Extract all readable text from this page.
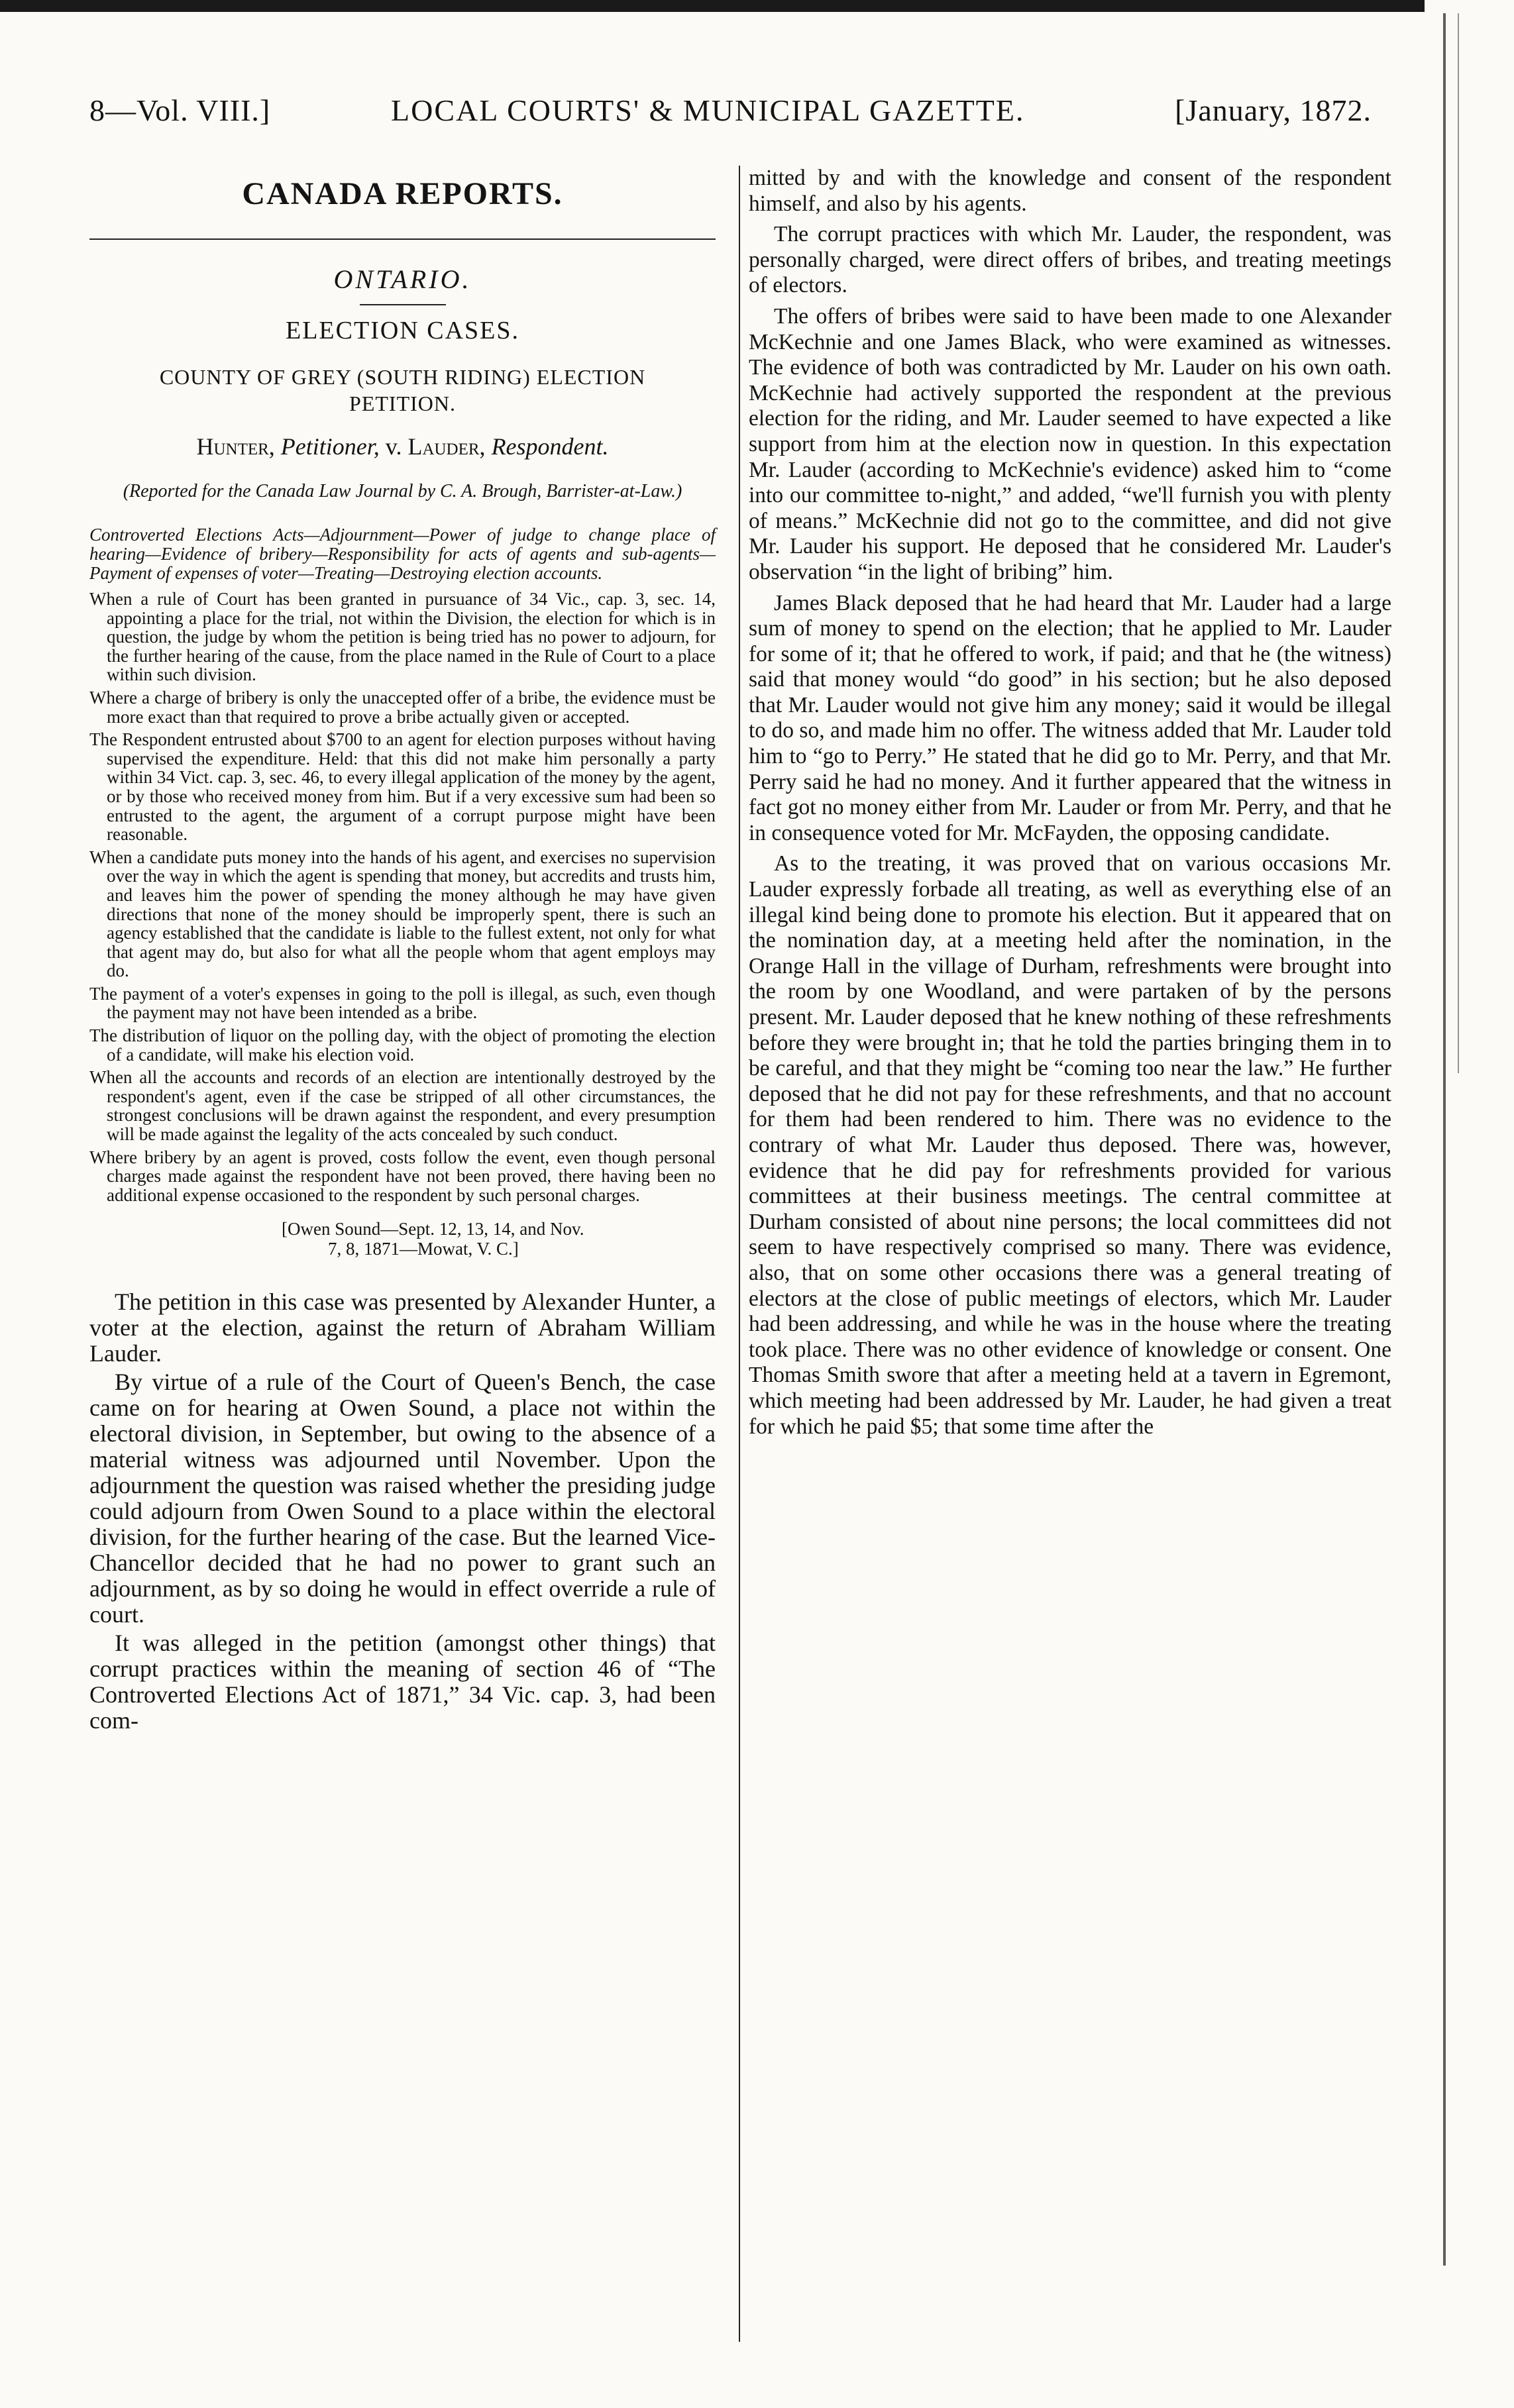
8—Vol. VIII.]	LOCAL COURTS' & MUNICIPAL GAZETTE.	[January, 1872.
CANADA REPORTS.
ONTARIO.
ELECTION CASES.
COUNTY OF GREY (SOUTH RIDING) ELECTION PETITION.
Hunter, Petitioner, v. Lauder, Respondent.
(Reported for the Canada Law Journal by C. A. Brough, Barrister-at-Law.)
Controverted Elections Acts—Adjournment—Power of judge to change place of hearing—Evidence of bribery—Responsibility for acts of agents and sub-agents—Payment of expenses of voter—Treating—Destroying election accounts.

When a rule of Court has been granted in pursuance of 34 Vic., cap. 3, sec. 14, appointing a place for the trial, not within the Division, the election for which is in question, the judge by whom the petition is being tried has no power to adjourn, for the further hearing of the cause, from the place named in the Rule of Court to a place within such division.

Where a charge of bribery is only the unaccepted offer of a bribe, the evidence must be more exact than that required to prove a bribe actually given or accepted.

The Respondent entrusted about $700 to an agent for election purposes without having supervised the expenditure. Held: that this did not make him personally a party within 34 Vict. cap. 3, sec. 46, to every illegal application of the money by the agent, or by those who received money from him. But if a very excessive sum had been so entrusted to the agent, the argument of a corrupt purpose might have been reasonable.

When a candidate puts money into the hands of his agent, and exercises no supervision over the way in which the agent is spending that money, but accredits and trusts him, and leaves him the power of spending the money although he may have given directions that none of the money should be improperly spent, there is such an agency established that the candidate is liable to the fullest extent, not only for what that agent may do, but also for what all the people whom that agent employs may do.

The payment of a voter's expenses in going to the poll is illegal, as such, even though the payment may not have been intended as a bribe.

The distribution of liquor on the polling day, with the object of promoting the election of a candidate, will make his election void.

When all the accounts and records of an election are intentionally destroyed by the respondent's agent, even if the case be stripped of all other circumstances, the strongest conclusions will be drawn against the respondent, and every presumption will be made against the legality of the acts concealed by such conduct.

Where bribery by an agent is proved, costs follow the event, even though personal charges made against the respondent have not been proved, there having been no additional expense occasioned to the respondent by such personal charges.

[Owen Sound—Sept. 12, 13, 14, and Nov.
7, 8, 1871—Mowat, V. C.]

The petition in this case was presented by Alexander Hunter, a voter at the election, against the return of Abraham William Lauder.

By virtue of a rule of the Court of Queen's Bench, the case came on for hearing at Owen Sound, a place not within the electoral division, in September, but owing to the absence of a material witness was adjourned until November. Upon the adjournment the question was raised whether the presiding judge could adjourn from Owen Sound to a place within the electoral division, for the further hearing of the case. But the learned Vice-Chancellor decided that he had no power to grant such an adjournment, as by so doing he would in effect override a rule of court.

It was alleged in the petition (amongst other things) that corrupt practices within the meaning of section 46 of “The Controverted Elections Act of 1871,” 34 Vic. cap. 3, had been com-

mitted by and with the knowledge and consent of the respondent himself, and also by his agents.

The corrupt practices with which Mr. Lauder, the respondent, was personally charged, were direct offers of bribes, and treating meetings of electors.

The offers of bribes were said to have been made to one Alexander McKechnie and one James Black, who were examined as witnesses. The evidence of both was contradicted by Mr. Lauder on his own oath. McKechnie had actively supported the respondent at the previous election for the riding, and Mr. Lauder seemed to have expected a like support from him at the election now in question. In this expectation Mr. Lauder (according to McKechnie's evidence) asked him to “come into our committee to-night,” and added, “we'll furnish you with plenty of means.” McKechnie did not go to the committee, and did not give Mr. Lauder his support. He deposed that he considered Mr. Lauder's observation “in the light of bribing” him.

James Black deposed that he had heard that Mr. Lauder had a large sum of money to spend on the election; that he applied to Mr. Lauder for some of it; that he offered to work, if paid; and that he (the witness) said that money would “do good” in his section; but he also deposed that Mr. Lauder would not give him any money; said it would be illegal to do so, and made him no offer. The witness added that Mr. Lauder told him to “go to Perry.” He stated that he did go to Mr. Perry, and that Mr. Perry said he had no money. And it further appeared that the witness in fact got no money either from Mr. Lauder or from Mr. Perry, and that he in consequence voted for Mr. McFayden, the opposing candidate.

As to the treating, it was proved that on various occasions Mr. Lauder expressly forbade all treating, as well as everything else of an illegal kind being done to promote his election. But it appeared that on the nomination day, at a meeting held after the nomination, in the Orange Hall in the village of Durham, refreshments were brought into the room by one Woodland, and were partaken of by the persons present. Mr. Lauder deposed that he knew nothing of these refreshments before they were brought in; that he told the parties bringing them in to be careful, and that they might be “coming too near the law.” He further deposed that he did not pay for these refreshments, and that no account for them had been rendered to him. There was no evidence to the contrary of what Mr. Lauder thus deposed. There was, however, evidence that he did pay for refreshments provided for various committees at their business meetings. The central committee at Durham consisted of about nine persons; the local committees did not seem to have respectively comprised so many. There was evidence, also, that on some other occasions there was a general treating of electors at the close of public meetings of electors, which Mr. Lauder had been addressing, and while he was in the house where the treating took place. There was no other evidence of knowledge or consent. One Thomas Smith swore that after a meeting held at a tavern in Egremont, which meeting had been addressed by Mr. Lauder, he had given a treat for which he paid $5; that some time after the
